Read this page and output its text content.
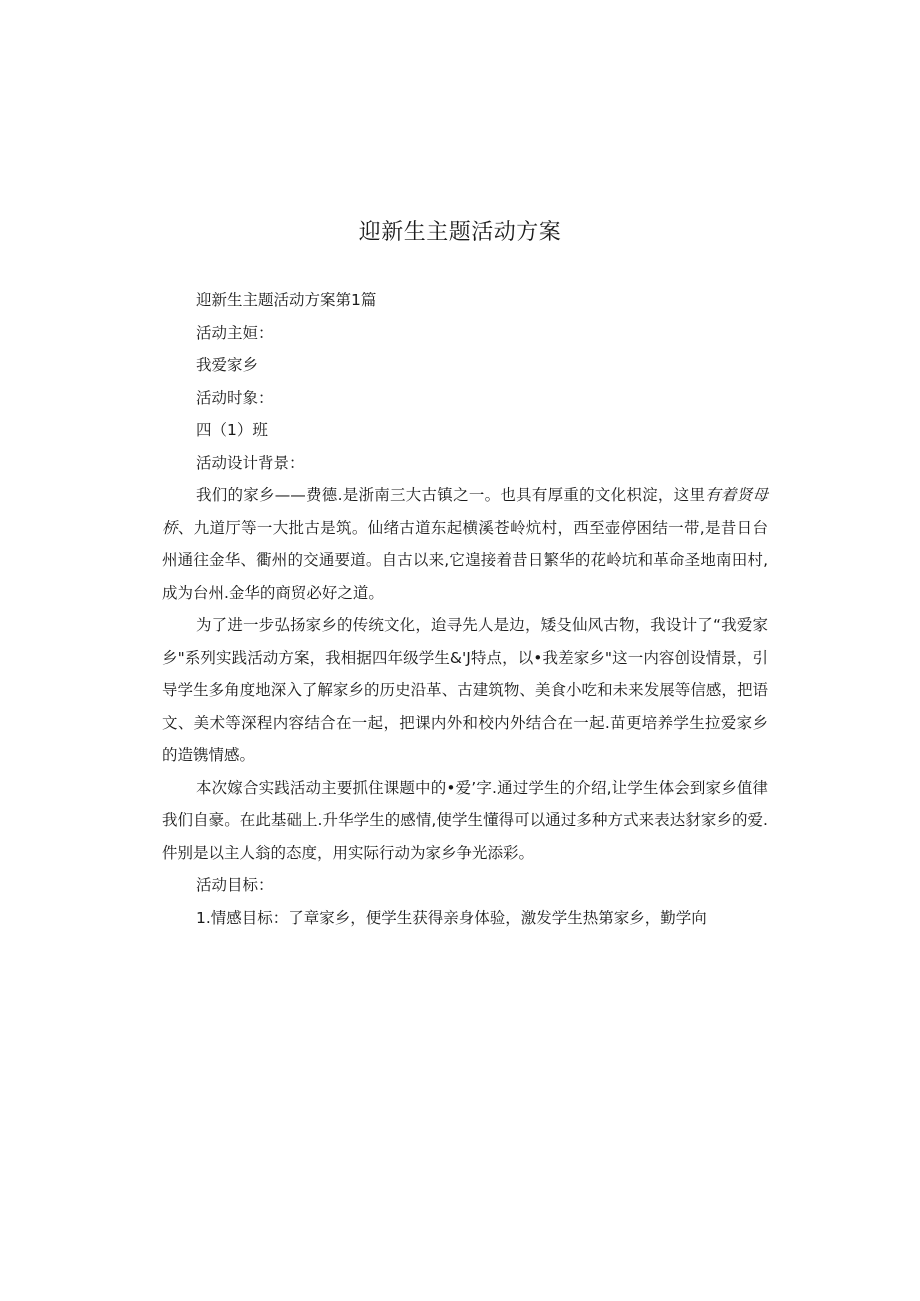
迎新生主题活动方案

迎新生主题活动方案第1篇

活动主姮：

我爱家乡

活动时象：

四（1）班

活动设计背景：

我们的家乡——费德.是浙南三大古镇之一。也具有厚重的文化枳淀，这里有着贤母桥、九道厅等一大批古是筑。仙绪古道东起横溪苍岭炕村，西至壶停困结一带,是昔日台州通往金华、衢州的交通要道。自古以来,它遑接着昔日繁华的花岭坑和革命圣地南田村,成为台州.金华的商贸必好之道。

为了进一步弘扬家乡的传统文化，迨寻先人是边，矮殳仙风古物，我设计了“我爱家乡"系列实践活动方案，我相据四年级学生&'J特点，以•我差家乡"这一内容创设情景，引导学生多角度地深入了解家乡的历史沿革、古建筑物、美食小吃和未来发展等信感，把语文、美术等深程内容结合在一起，把课内外和校内外结合在一起.苗更培养学生拉爱家乡的造镌情感。

本次嫁合实践活动主要抓住课题中的•爱’字.通过学生的介绍,让学生体会到家乡值律我们自豪。在此基础上.升华学生的感情,使学生懂得可以通过多种方式来表达豺家乡的爱.件别是以主人翁的态度，用实际行动为家乡争光添彩。

活动目标：

1.情感目标：了章家乡，便学生获得亲身体验，激发学生热第家乡，勤学向
